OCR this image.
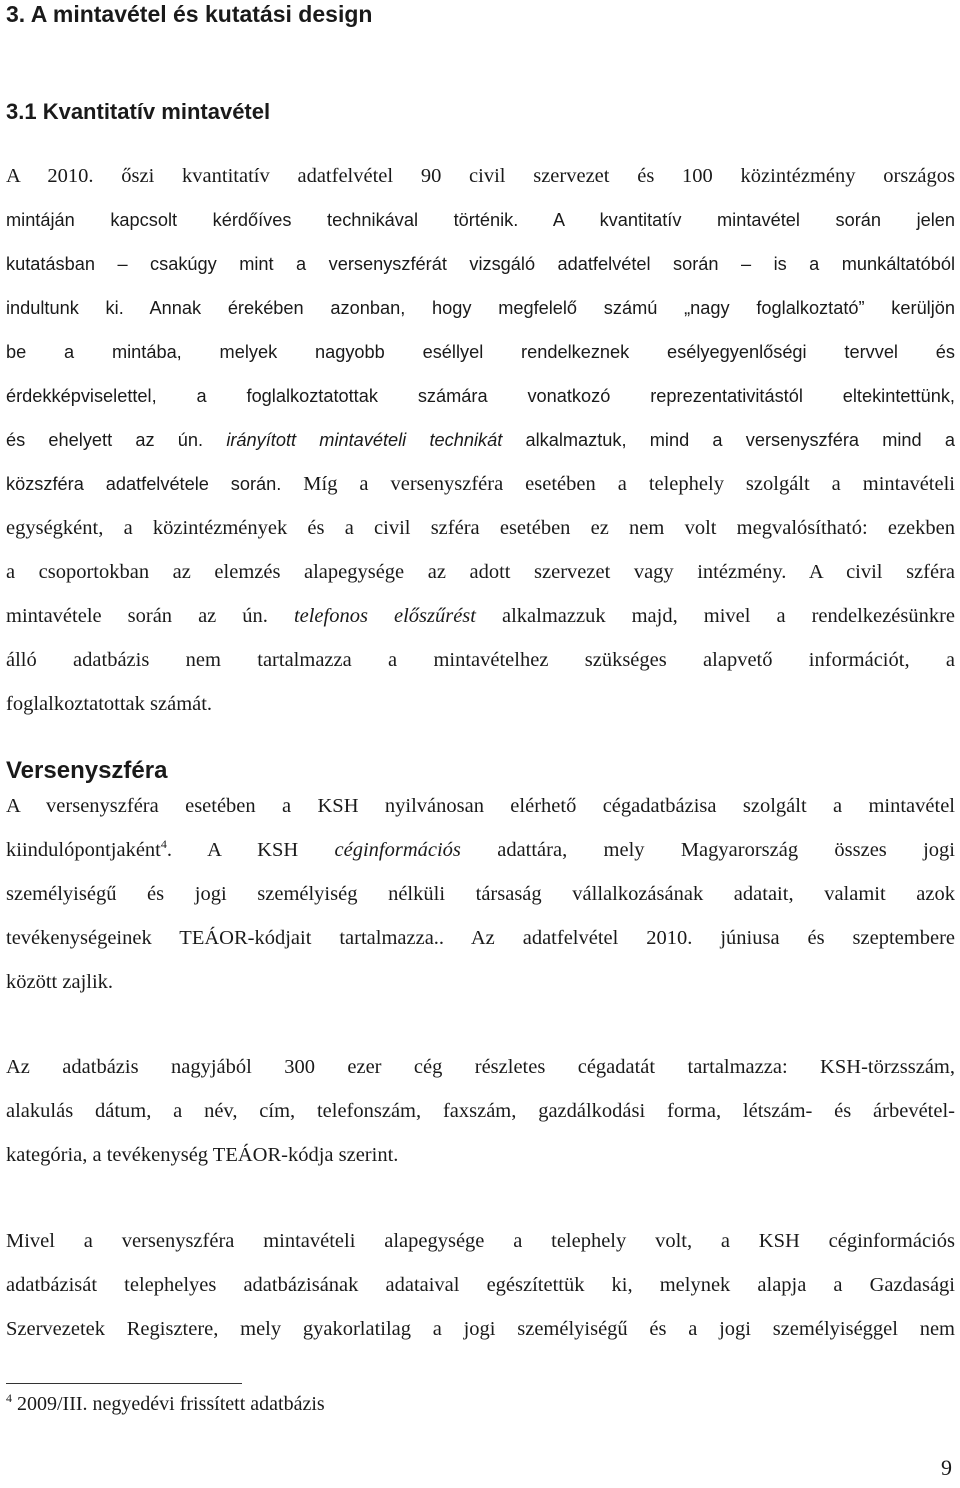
3. A mintavétel és kutatási design
3.1 Kvantitatív mintavétel
A 2010. őszi kvantitatív adatfelvétel 90 civil szervezet és 100 közintézmény országos
mintáján kapcsolt kérdőíves technikával történik. A kvantitatív mintavétel során jelen
kutatásban – csakúgy mint a versenyszférát vizsgáló adatfelvétel során – is a munkáltatóból
indultunk ki. Annak érekében azonban, hogy megfelelő számú „nagy foglalkoztató” kerüljön
be a mintába, melyek nagyobb eséllyel rendelkeznek esélyegyenlőségi tervvel és
érdekképviselettel, a foglalkoztatottak számára vonatkozó reprezentativitástól eltekintettünk,
és ehelyett az ún. irányított mintavételi technikát alkalmaztuk, mind a versenyszféra mind a
közszféra adatfelvétele során. Míg a versenyszféra esetében a telephely szolgált a mintavételi
egységként, a közintézmények és a civil szféra esetében ez nem volt megvalósítható: ezekben
a csoportokban az elemzés alapegysége az adott szervezet vagy intézmény. A civil szféra
mintavétele során az ún. telefonos előszűrést alkalmazzuk majd, mivel a rendelkezésünkre
álló adatbázis nem tartalmazza a mintavételhez szükséges alapvető információt, a
foglalkoztatottak számát.
Versenyszféra
A versenyszféra esetében a KSH nyilvánosan elérhető cégadatbázisa szolgált a mintavétel
kiindulópontjaként$^4$. A KSH céginformációs adattára, mely Magyarország összes jogi
személyiségű és jogi személyiség nélküli társaság vállalkozásának adatait, valamit azok
tevékenységeinek TEÁOR-kódjait tartalmazza.. Az adatfelvétel 2010. júniusa és szeptembere
között zajlik.
Az adatbázis nagyjából 300 ezer cég részletes cégadatát tartalmazza: KSH-törzsszám,
alakulás dátum, a név, cím, telefonszám, faxszám, gazdálkodási forma, létszám- és árbevétel-
kategória, a tevékenység TEÁOR-kódja szerint.
Mivel a versenyszféra mintavételi alapegysége a telephely volt, a KSH céginformációs
adatbázisát telephelyes adatbázisának adataival egészítettük ki, melynek alapja a Gazdasági
Szervezetek Regisztere, mely gyakorlatilag a jogi személyiségű és a jogi személyiséggel nem
$^4$ 2009/III. negyedévi frissített adatbázis
9
